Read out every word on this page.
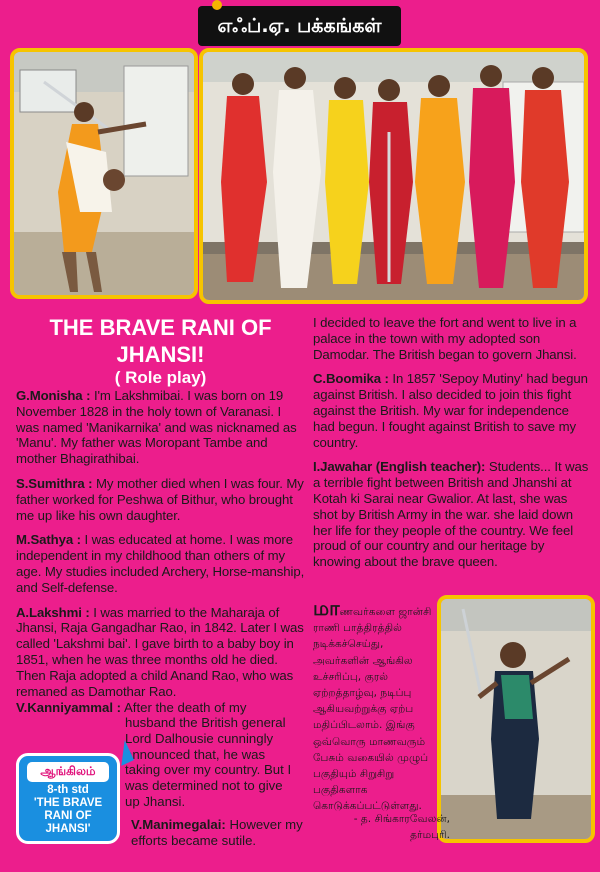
எஃப்.ஏ. பக்கங்கள்
THE BRAVE RANI OF
JHANSI!
( Role play)

G.Monisha : I'm Lakshmibai. I was born on 19 November 1828 in the holy town of Varanasi. I was named 'Manikarnika' and was nicknamed as 'Manu'. My father was Moropant Tambe and mother Bhagirathibai.

S.Sumithra : My mother died when I was four. My father worked for Peshwa of Bithur, who brought me up like his own daughter.

M.Sathya : I was educated at home. I was more independent in my childhood than others of my age. My studies included Archery, Horse-manship, and Self-defense.

A.Lakshmi : I was married to the Maharaja of Jhansi, Raja Gangadhar Rao, in 1842. Later I was called 'Lakshmi bai'. I gave birth to a baby boy in 1851, when he was three months old he died. Then Raja adopted a child Anand Rao, who was remaned as Damothar Rao.

V.Kanniyammal : After the death of my
husband the British general Lord Dalhousie cunningly announced that, he was taking over my country. But I was determined not to give up Jhansi.
V.Manimegalai: However my efforts became sutile.
ஆங்கிலம்
8-th std
'THE BRAVE
RANI OF
JHANSI'

I decided to leave the fort and went to live in a palace in the town with my adopted son Damodar. The British began to govern Jhansi.

C.Boomika : In 1857 'Sepoy Mutiny' had begun against British. I also decided to join this fight against the British. My war for independence had begun. I fought against British to save my country.

I.Jawahar (English teacher): Students... It was a terrible fight between British and Jhanshi at Kotah ki Sarai near Gwalior. At last, she was shot by British Army in the war. she laid down her life for they people of the country. We feel proud of our country and our heritage by knowing about the brave queen.

மாணவர்களை ஜான்சி ராணி பாத்திரத்தில் நடிக்கச்செய்து, அவர்களின் ஆங்கில உச்சரிப்பு, குரல் ஏற்றத்தாழ்வு, நடிப்பு ஆகியவற்றுக்கு ஏற்ப மதிப்பிடலாம். இங்கு ஒவ்வொரு மாணவரும் பேசும் வகையில் முழுப் பகுதியும் சிறுசிறு பகுதிகளாக கொடுக்கப்பட்டுள்ளது.
- த. சிங்காரவேலன்,
தர்மபுரி.
